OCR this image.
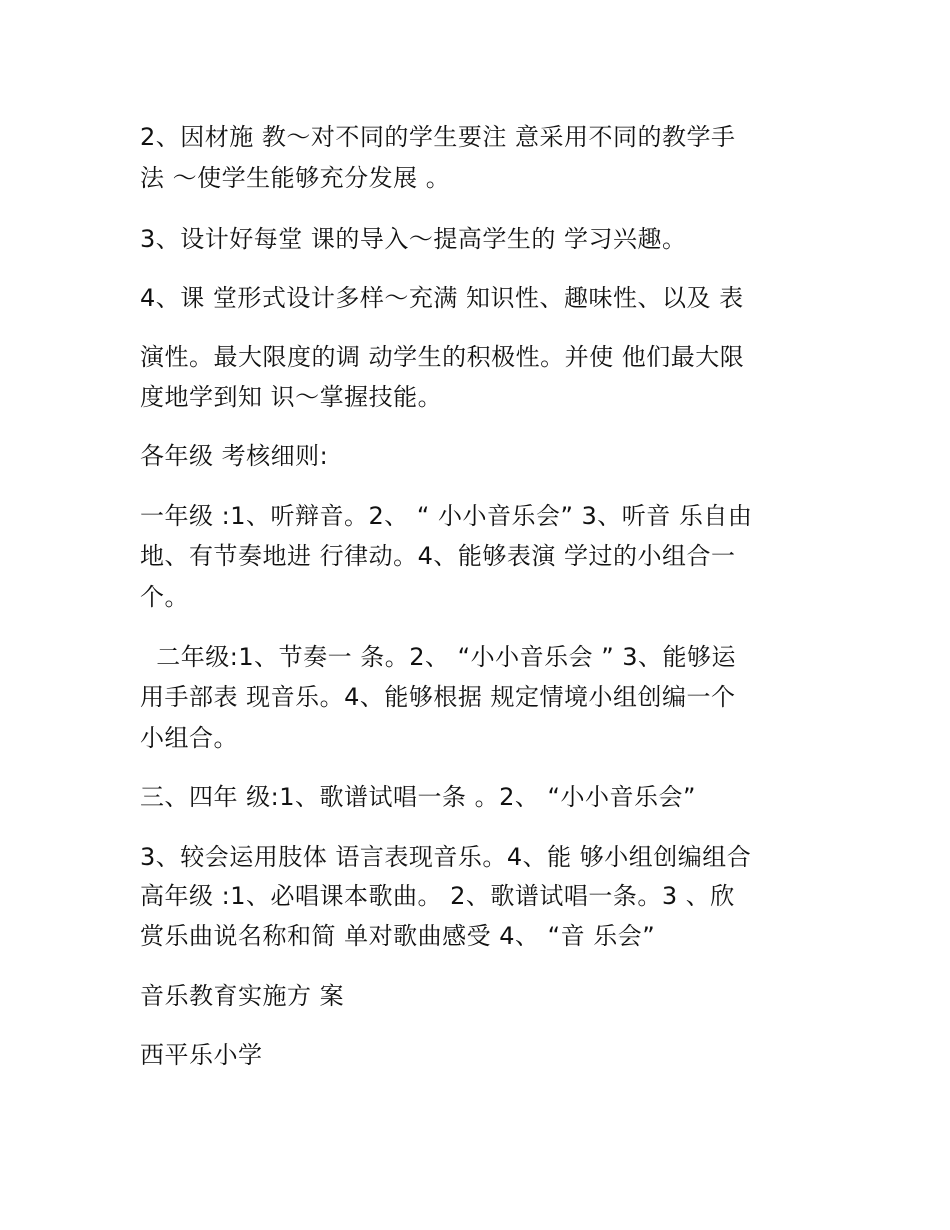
2、因材施 教～对不同的学生要注 意采用不同的教学手
法 ～使学生能够充分发展 。
3、设计好每堂 课的导入～提高学生的 学习兴趣。
4、课 堂形式设计多样～充满 知识性、趣味性、以及 表
演性。最大限度的调 动学生的积极性。并使 他们最大限
度地学到知 识～掌握技能。
各年级 考核细则:
一年级 :1、听辩音。2、 “ 小小音乐会” 3、听音 乐自由
地、有节奏地进 行律动。4、能够表演 学过的小组合一
个。
二年级:1、节奏一 条。2、 “小小音乐会 ” 3、能够运
用手部表 现音乐。4、能够根据 规定情境小组创编一个
小组合。
三、四年 级:1、歌谱试唱一条 。2、 “小小音乐会”
3、较会运用肢体 语言表现音乐。4、能 够小组创编组合
高年级 :1、必唱课本歌曲。 2、歌谱试唱一条。3 、欣
赏乐曲说名称和简 单对歌曲感受 4、 “音 乐会”
音乐教育实施方 案
西平乐小学
